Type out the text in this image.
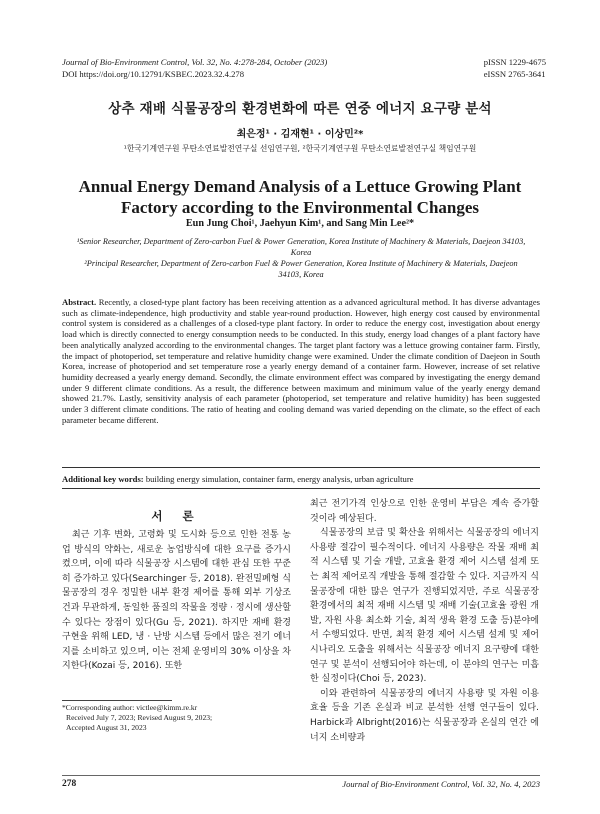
Journal of Bio-Environment Control, Vol. 32, No. 4:278-284, October (2023)
DOI https://doi.org/10.12791/KSBEC.2023.32.4.278
pISSN 1229-4675
eISSN 2765-3641
상추 재배 식물공장의 환경변화에 따른 연중 에너지 요구량 분석
최은정¹ · 김재현¹ · 이상민²*
¹한국기계연구원 무탄소연료발전연구실 선임연구원, ²한국기계연구원 무탄소연료발전연구실 책임연구원
Annual Energy Demand Analysis of a Lettuce Growing Plant Factory according to the Environmental Changes
Eun Jung Choi¹, Jaehyun Kim¹, and Sang Min Lee²*

¹Senior Researcher, Department of Zero-carbon Fuel & Power Generation, Korea Institute of Machinery & Materials, Daejeon 34103, Korea

²Principal Researcher, Department of Zero-carbon Fuel & Power Generation, Korea Institute of Machinery & Materials, Daejeon 34103, Korea

Abstract. Recently, a closed-type plant factory has been receiving attention as a advanced agricultural method. It has diverse advantages such as climate-independence, high productivity and stable year-round production. However, high energy cost caused by environmental control system is considered as a challenges of a closed-type plant factory. In order to reduce the energy cost, investigation about energy load which is directly connected to energy consumption needs to be conducted. In this study, energy load changes of a plant factory have been analytically analyzed according to the environmental changes. The target plant factory was a lettuce growing container farm. Firstly, the impact of photoperiod, set temperature and relative humidity change were examined. Under the climate condition of Daejeon in South Korea, increase of photoperiod and set temperature rose a yearly energy demand of a container farm. However, increase of set relative humidity decreased a yearly energy demand. Secondly, the climate environment effect was compared by investigating the energy demand under 9 different climate conditions. As a result, the difference between maximum and minimum value of the yearly energy demand showed 21.7%. Lastly, sensitivity analysis of each parameter (photoperiod, set temperature and relative humidity) has been suggested under 3 different climate conditions. The ratio of heating and cooling demand was varied depending on the climate, so the effect of each parameter became different.
Additional key words: building energy simulation, container farm, energy analysis, urban agriculture
서 론

최근 기후 변화, 고령화 및 도시화 등으로 인한 전통 농업 방식의 약화는, 새로운 농업방식에 대한 요구를 증가시켰으며, 이에 따라 식물공장 시스템에 대한 관심 또한 꾸준히 증가하고 있다(Searchinger 등, 2018). 완전밀폐형 식물공장의 경우 정밀한 내부 환경 제어를 통해 외부 기상조건과 무관하게, 동일한 품질의 작물을 정량 · 정시에 생산할 수 있다는 장점이 있다(Gu 등, 2021). 하지만 재배 환경 구현을 위해 LED, 냉 · 난방 시스템 등에서 많은 전기 에너지를 소비하고 있으며, 이는 전체 운영비의 30% 이상을 차지한다(Kozai 등, 2016). 또한

최근 전기가격 인상으로 인한 운영비 부담은 계속 증가할 것이라 예상된다.

식물공장의 보급 및 확산을 위해서는 식물공장의 에너지 사용량 절감이 필수적이다. 에너지 사용량은 작물 재배 최적 시스템 및 기술 개발, 고효율 환경 제어 시스템 설계 또는 최적 제어로직 개발을 통해 절감할 수 있다. 지금까지 식물공장에 대한 많은 연구가 진행되었지만, 주로 식물공장 환경에서의 최적 재배 시스템 및 재배 기술(고효율 광원 개발, 자원 사용 최소화 기술, 최적 생육 환경 도출 등)분야에서 수행되었다. 반면, 최적 환경 제어 시스템 설계 및 제어 시나리오 도출을 위해서는 식물공장 에너지 요구량에 대한 연구 및 분석이 선행되어야 하는데, 이 분야의 연구는 미흡한 실정이다(Choi 등, 2023).

이와 관련하여 식물공장의 에너지 사용량 및 자원 이용 효율 등을 기존 온실과 비교 분석한 선행 연구들이 있다. Harbick과 Albright(2016)는 식물공장과 온실의 연간 에너지 소비량과

*Corresponding author: victlee@kimm.re.kr

Received July 7, 2023; Revised August 9, 2023;

Accepted August 31, 2023

278	Journal of Bio-Environment Control, Vol. 32, No. 4, 2023
